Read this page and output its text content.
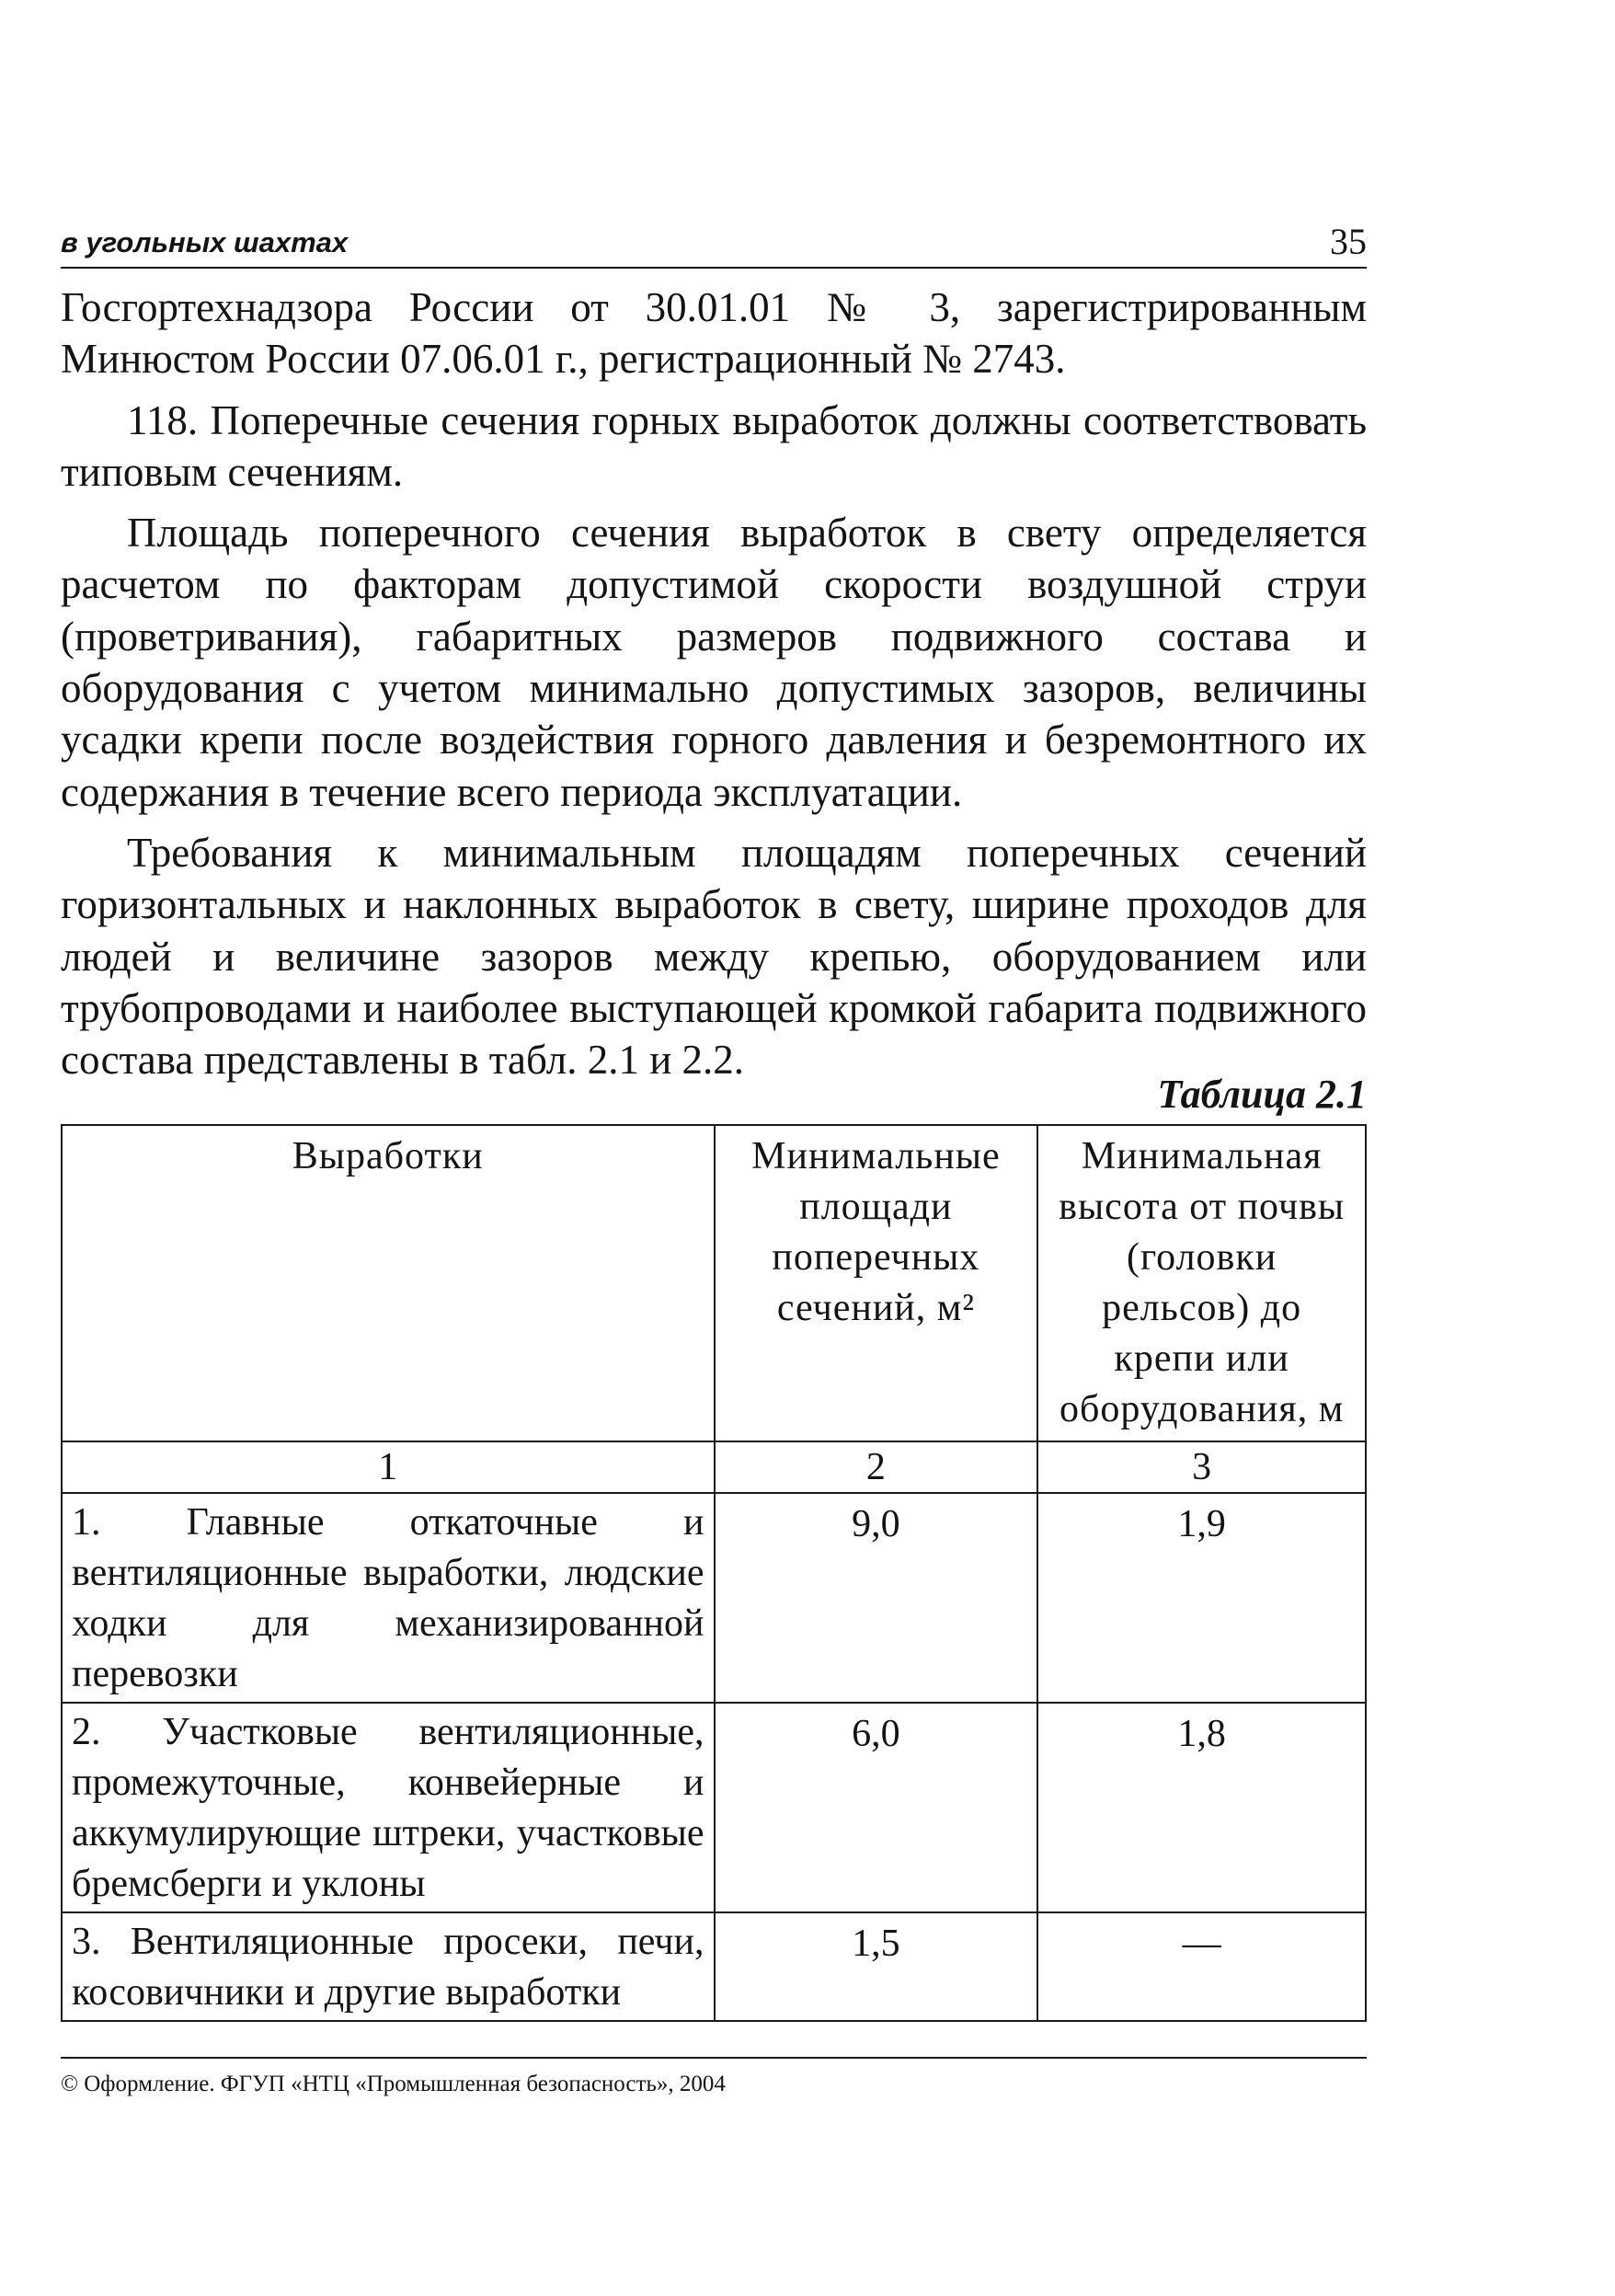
в угольных шахтах	35

Госгортехнадзора России от 30.01.01 № 3, зарегистрированным Минюстом России 07.06.01 г., регистрационный № 2743.

118. Поперечные сечения горных выработок должны соответствовать типовым сечениям.

Площадь поперечного сечения выработок в свету определяется расчетом по факторам допустимой скорости воздушной струи (проветривания), габаритных размеров подвижного состава и оборудования с учетом минимально допустимых зазоров, величины усадки крепи после воздействия горного давления и безремонтного их содержания в течение всего периода эксплуатации.

Требования к минимальным площадям поперечных сечений горизонтальных и наклонных выработок в свету, ширине проходов для людей и величине зазоров между крепью, оборудованием или трубопроводами и наиболее выступающей кромкой габарита подвижного состава представлены в табл. 2.1 и 2.2.

Таблица 2.1
Выработки	Минимальные площади поперечных сечений, м²	Минимальная высота от почвы (головки рельсов) до крепи или оборудования, м
1	2	3
1. Главные откаточные и вентиляционные выработки, людские ходки для механизированной перевозки	9,0	1,9
2. Участковые вентиляционные, промежуточные, конвейерные и аккумулирующие штреки, участковые бремсберги и уклоны	6,0	1,8
3. Вентиляционные просеки, печи, косовичники и другие выработки	1,5	—
© Оформление. ФГУП «НТЦ «Промышленная безопасность», 2004
